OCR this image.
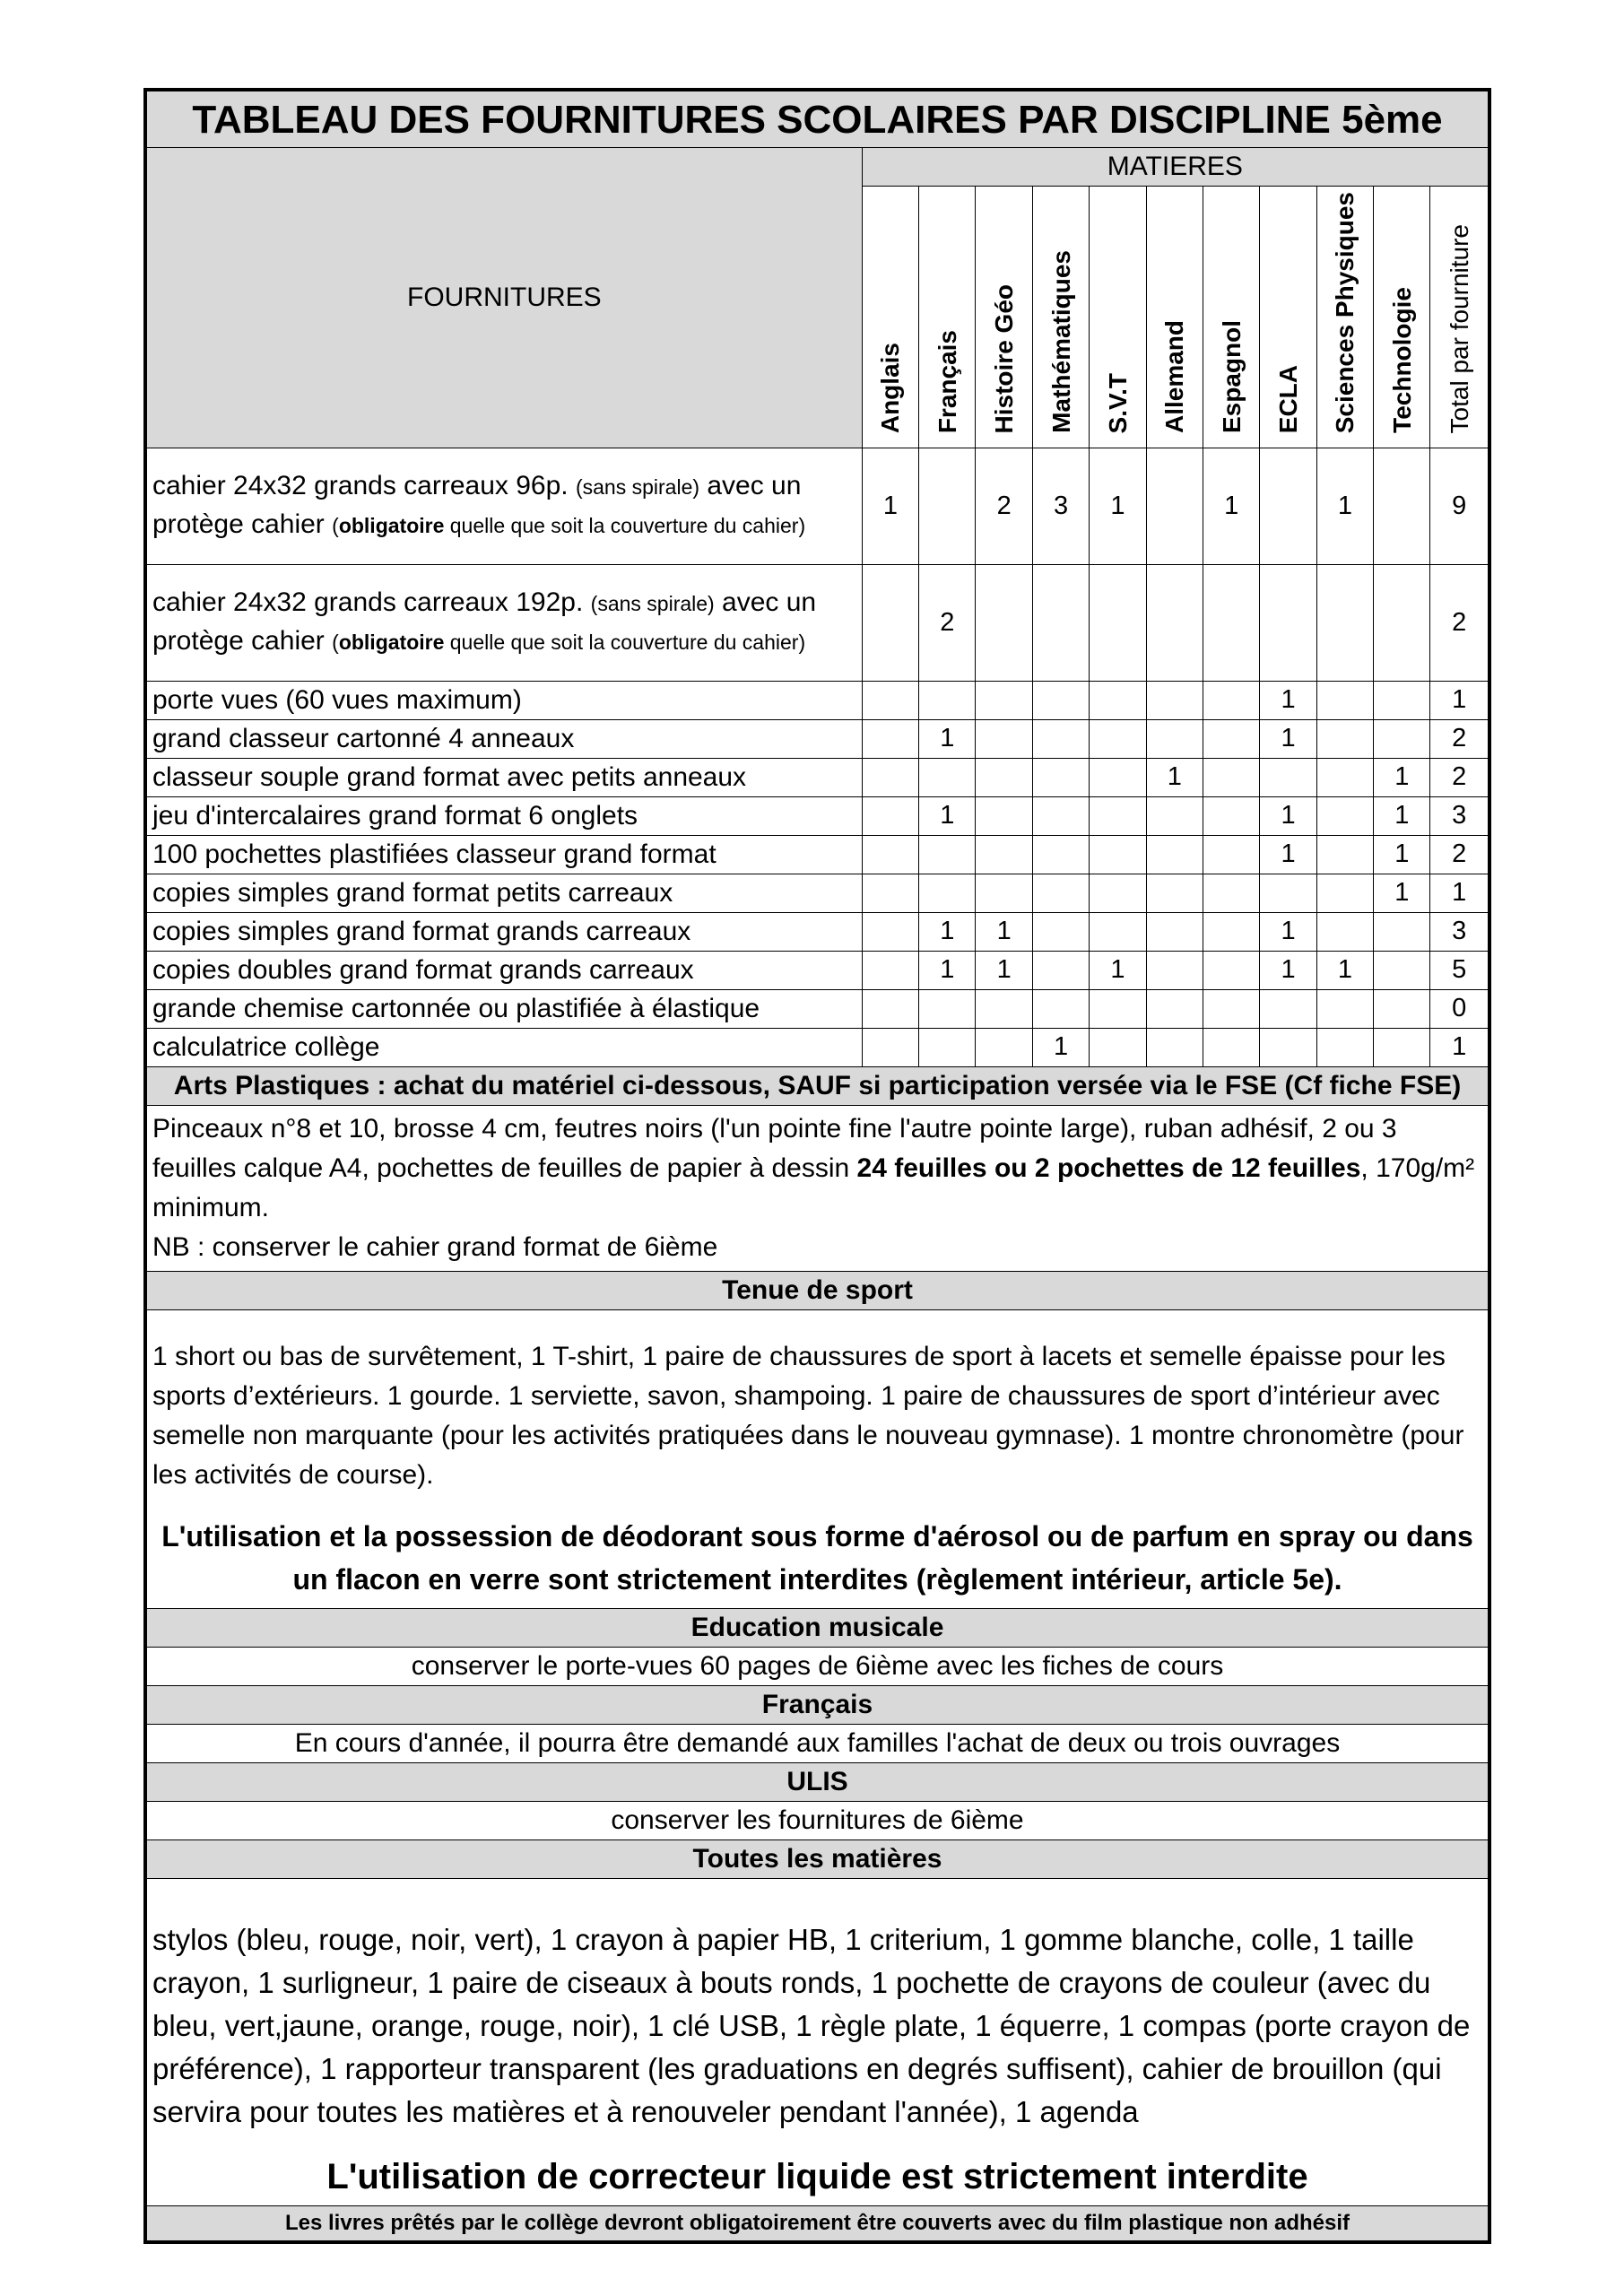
TABLEAU DES FOURNITURES SCOLAIRES PAR DISCIPLINE 5ème											
FOURNITURES	MATIERES										
	Anglais	Français	Histoire Géo	Mathématiques	S.V.T	Allemand	Espagnol	ECLA	Sciences Physiques	Technologie	Total par fourniture
cahier 24x32 grands carreaux 96p. (sans spirale) avec un protège cahier (obligatoire quelle que soit la couverture du cahier)	1		2	3	1		1		1		9
cahier 24x32 grands carreaux 192p. (sans spirale) avec un protège cahier (obligatoire quelle que soit la couverture du cahier)		2									2
porte vues (60 vues maximum)								1			1
grand classeur cartonné 4 anneaux		1						1			2
classeur souple grand format avec petits anneaux						1				1	2
jeu d'intercalaires grand format 6 onglets		1						1		1	3
100 pochettes plastifiées classeur grand format								1		1	2
copies simples grand format petits carreaux										1	1
copies simples grand format grands carreaux		1	1					1			3
copies doubles grand format grands carreaux		1	1		1			1	1		5
grande chemise cartonnée ou plastifiée à élastique											0
calculatrice collège				1							1
Arts Plastiques : achat du matériel ci-dessous, SAUF si participation versée via le FSE (Cf fiche FSE)											
Pinceaux n°8 et 10, brosse 4 cm, feutres noirs (l'un pointe fine l'autre pointe large), ruban adhésif, 2 ou 3 feuilles calque A4, pochettes de feuilles de papier à dessin 24 feuilles ou 2 pochettes de 12 feuilles, 170g/m² minimum.
NB : conserver le cahier grand format de 6ième											

Tenue de sport											

1 short ou bas de survêtement, 1 T-shirt, 1 paire de chaussures de sport à lacets et semelle épaisse pour les sports d’extérieurs. 1 gourde. 1 serviette, savon, shampoing. 1 paire de chaussures de sport d’intérieur avec semelle non marquante (pour les activités pratiquées dans le nouveau gymnase). 1 montre chronomètre (pour les activités de course).
L'utilisation et la possession de déodorant sous forme d'aérosol ou de parfum en spray ou dans un flacon en verre sont strictement interdites (règlement intérieur, article 5e).											

Education musicale											
conserver le porte-vues 60 pages de 6ième avec les fiches de cours											
Français											
En cours d'année, il pourra être demandé aux familles l'achat de deux ou trois ouvrages											
ULIS											
conserver les fournitures de 6ième											
Toutes les matières											

stylos (bleu, rouge, noir, vert), 1 crayon à papier HB, 1 criterium, 1 gomme blanche, colle, 1 taille crayon, 1 surligneur, 1 paire de ciseaux à bouts ronds, 1 pochette de crayons de couleur (avec du bleu, vert,jaune, orange, rouge, noir), 1 clé USB, 1 règle plate, 1 équerre, 1 compas (porte crayon de préférence), 1 rapporteur transparent (les graduations en degrés suffisent), cahier de brouillon (qui servira pour toutes les matières et à renouveler pendant l'année), 1 agenda
L'utilisation de correcteur liquide est strictement interdite											

Les livres prêtés par le collège devront obligatoirement être couverts avec du film plastique non adhésif											
